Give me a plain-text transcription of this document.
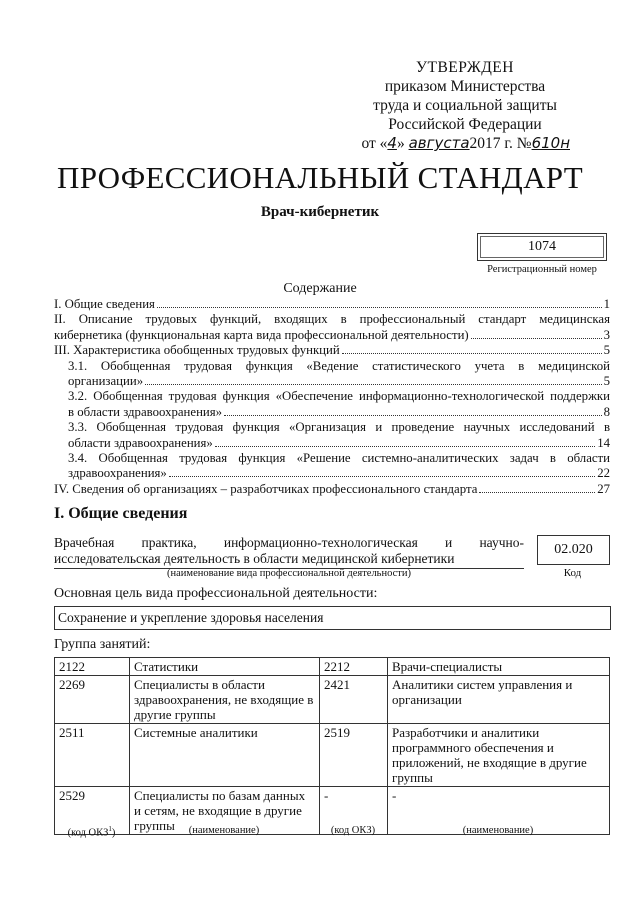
УТВЕРЖДЕН
приказом Министерства
труда и социальной защиты
Российской Федерации
от «4» августа2017 г. №610н
ПРОФЕССИОНАЛЬНЫЙ СТАНДАРТ
Врач-кибернетик
1074
Регистрационный номер
Содержание
I. Общие сведения	1
II. Описание трудовых функций, входящих в профессиональный стандарт медицинская
кибернетика (функциональная карта вида профессиональной деятельности)	3
III. Характеристика обобщенных трудовых функций	5
3.1. Обобщенная трудовая функция «Ведение статистического учета в медицинской
организации»	5
3.2. Обобщенная трудовая функция «Обеспечение информационно-технологической поддержки
в области здравоохранения»	8
3.3. Обобщенная трудовая функция «Организация и проведение научных исследований в
области здравоохранения»	14
3.4. Обобщенная трудовая функция «Решение системно-аналитических задач в области
здравоохранения»	22
IV. Сведения об организациях – разработчиках профессионального стандарта	27
I. Общие сведения
Врачебная практика, информационно-технологическая и научно-
исследовательская деятельность в области медицинской кибернетики
(наименование вида профессиональной деятельности)
02.020
Код
Основная цель вида профессиональной деятельности:
Сохранение и укрепление здоровья населения
Группа занятий:
2122	Статистики	2212	Врачи-специалисты
2269	Специалисты в области здравоохранения, не входящие в другие группы	2421	Аналитики систем управления и организации
2511	Системные аналитики	2519	Разработчики и аналитики программного обеспечения и приложений, не входящие в другие группы
2529	Специалисты по базам данных и сетям, не входящие в другие группы	-	-
(код ОКЗ$^1$)	(наименование)	(код ОКЗ)	(наименование)
